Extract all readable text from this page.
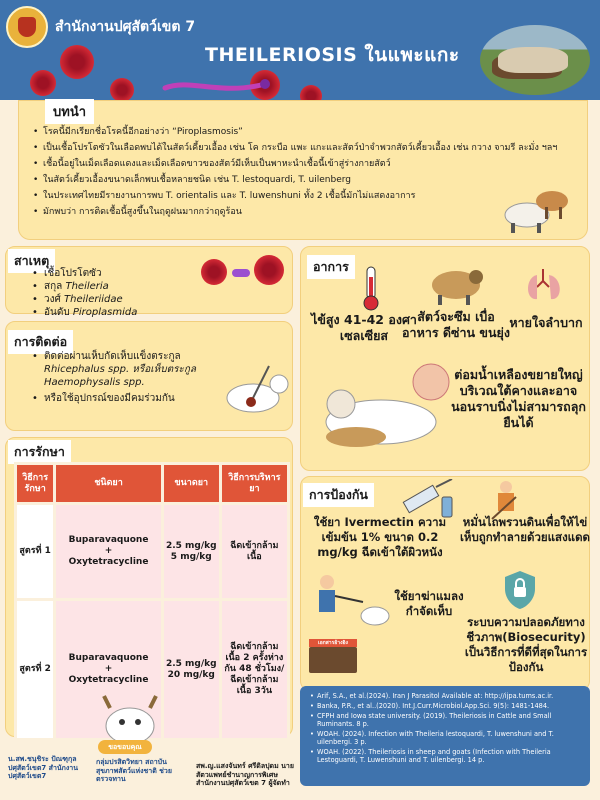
สำนักงานปศุสัตว์เขต 7
THEILERIOSIS ในแพะแกะ
บทนำ
• โรคนี้มีกเรียกชื่อโรคนี้อีกอย่างว่า “Piroplasmosis”
• เป็นเชื้อโปรโตซัวในเลือดพบได้ในสัตว์เคี้ยวเอื้อง เช่น โค กระบือ แพะ แกะและสัตว์ป่าจำพวกสัตว์เคี้ยวเอื้อง เช่น กวาง จามรี ละมั่ง ฯลฯ
• เชื้อนี้อยู่ในเม็ดเลือดแดงและเม็ดเลือดขาวของสัตว์มีเห็บเป็นพาหะนำเชื้อนี้เข้าสู่ร่างกายสัตว์
• ในสัตว์เคี้ยวเอื้องขนาดเล็กพบเชื้อหลายชนิด เช่น T. lestoquardi, T. uilenberg
• ในประเทศไทยมีรายงานการพบ T. orientalis และ T. luwenshuni ทั้ง 2 เชื้อนี้มักไม่แสดงอาการ
• มักพบว่า การติดเชื้อนี้สูงขึ้นในฤดูฝนมากกว่าฤดูร้อน
สาเหตุ
• เชื้อโปรโตซัว
• สกุล Theileria
• วงศ์ Theileriidae
• อันดับ Piroplasmida
การติดต่อ
• ติดต่อผ่านเห็บกัดเห็บแข็งตระกูล
Rhicephalus spp. หรือเห็บตระกูล
Haemophysalis spp.
• หรือใช้อุปกรณ์ของมีคมร่วมกัน
การรักษา
วิธีการรักษา	ชนิดยา	ขนาดยา	วิธีการบริหารยา
สูตรที่ 1	Buparavaquone
+
Oxytetracycline	2.5 mg/kg
5 mg/kg	ฉีดเข้ากล้ามเนื้อ
สูตรที่ 2	Buparavaquone
+
Oxytetracycline	2.5 mg/kg
20 mg/kg	ฉีดเข้ากล้ามเนื้อ 2 ครั้งห่างกัน 48 ชั่วโมง/ฉีดเข้ากล้ามเนื้อ 3วัน
อาการ
ไข้สูง 41-42 องศาเซลเซียส
สัตว์จะซึม เบื่ออาหาร ดีซ่าน ขนยุ่ง
หายใจลำบาก
ต่อมน้ำเหลืองขยายใหญ่บริเวณใต้คางและอาจนอนราบนิ่งไม่สามารถลุกยืนได้
การป้องกัน
ใช้ยา Ivermectin ความเข้มข้น 1% ขนาด 0.2 mg/kg ฉีดเข้าใต้ผิวหนัง
หมั่นไถพรวนดินเพื่อให้ไข่เห็บถูกทำลายด้วยแสงแดด
ใช้ยาฆ่าแมลงกำจัดเห็บ
ระบบความปลอดภัยทางชีวภาพ(Biosecurity) เป็นวิธีการที่ดีที่สุดในการป้องกัน
เอกสารอ้างอิง
• Arif, S.A., et al.(2024). Iran J Parasitol Available at: http://ijpa.tums.ac.ir.
• Banka, P.R., et al..(2020). Int.J.Curr.Microbiol.App.Sci. 9(5): 1481-1484.
• CFPH and Iowa state university. (2019). Theileriosis in Cattle and Small Ruminants. 8 p.
• WOAH. (2024). Infection with Theileria lestoquardi, T. luwenshuni and T. uilenbergi. 3 p.
• WOAH. (2022). Theileriosis in sheep and goats (Infection with Theileria Lestoguardi, T. Luwenshuni and T. uilenbergi. 14 p.
น.สพ.ชนุชิระ ปัณฑุกุล ปศุสัตว์เขต7 สำนักงานปศุสัตว์เขต7
ขอขอบคุณ
กลุ่มปรสิตวิทยา สถาบันสุขภาพสัตว์แห่งชาติ ช่วยตรวจทาน
สพ.ญ.แสงจันทร์ ศรีดิลปุดม นายสัตวแพทย์ชำนาญการพิเศษ สำนักงานปศุสัตว์เขต 7 ผู้จัดทำ
